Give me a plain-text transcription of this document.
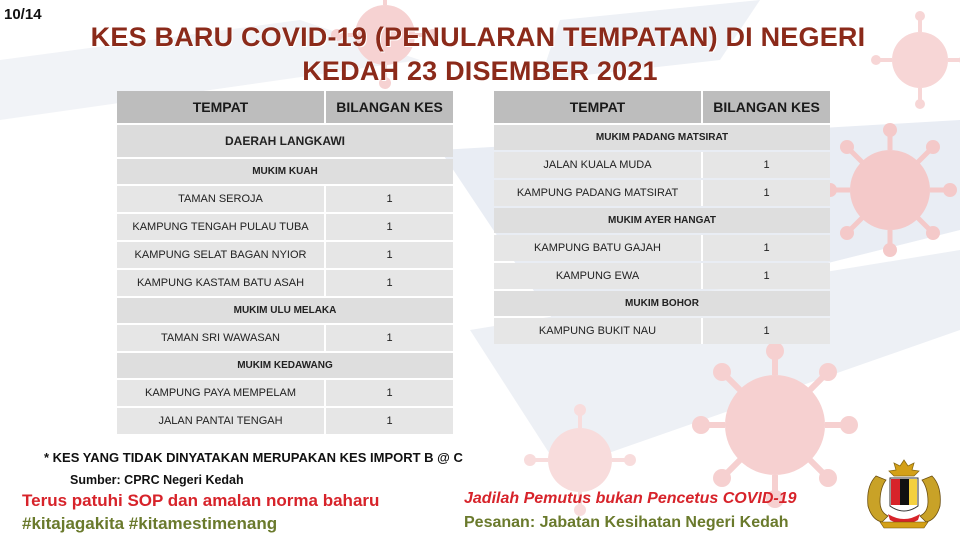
10/14
KES BARU COVID-19 (PENULARAN TEMPATAN) DI NEGERI
KEDAH 23 DISEMBER 2021
TEMPAT	BILANGAN KES
DAERAH LANGKAWI	
MUKIM KUAH	
TAMAN SEROJA	1
KAMPUNG TENGAH PULAU TUBA	1
KAMPUNG SELAT BAGAN NYIOR	1
KAMPUNG KASTAM BATU ASAH	1
MUKIM ULU MELAKA	
TAMAN SRI WAWASAN	1
MUKIM KEDAWANG	
KAMPUNG PAYA MEMPELAM	1
JALAN PANTAI TENGAH	1
TEMPAT	BILANGAN KES
MUKIM PADANG MATSIRAT	
JALAN KUALA MUDA	1
KAMPUNG PADANG MATSIRAT	1
MUKIM AYER HANGAT	
KAMPUNG BATU GAJAH	1
KAMPUNG EWA	1
MUKIM BOHOR	
KAMPUNG BUKIT NAU	1
* KES YANG TIDAK DINYATAKAN MERUPAKAN KES IMPORT B @ C
Sumber: CPRC Negeri Kedah
Terus patuhi SOP dan amalan norma baharu
#kitajagakita #kitamestimenang
Jadilah Pemutus bukan Pencetus COVID-19
Pesanan: Jabatan Kesihatan Negeri Kedah
